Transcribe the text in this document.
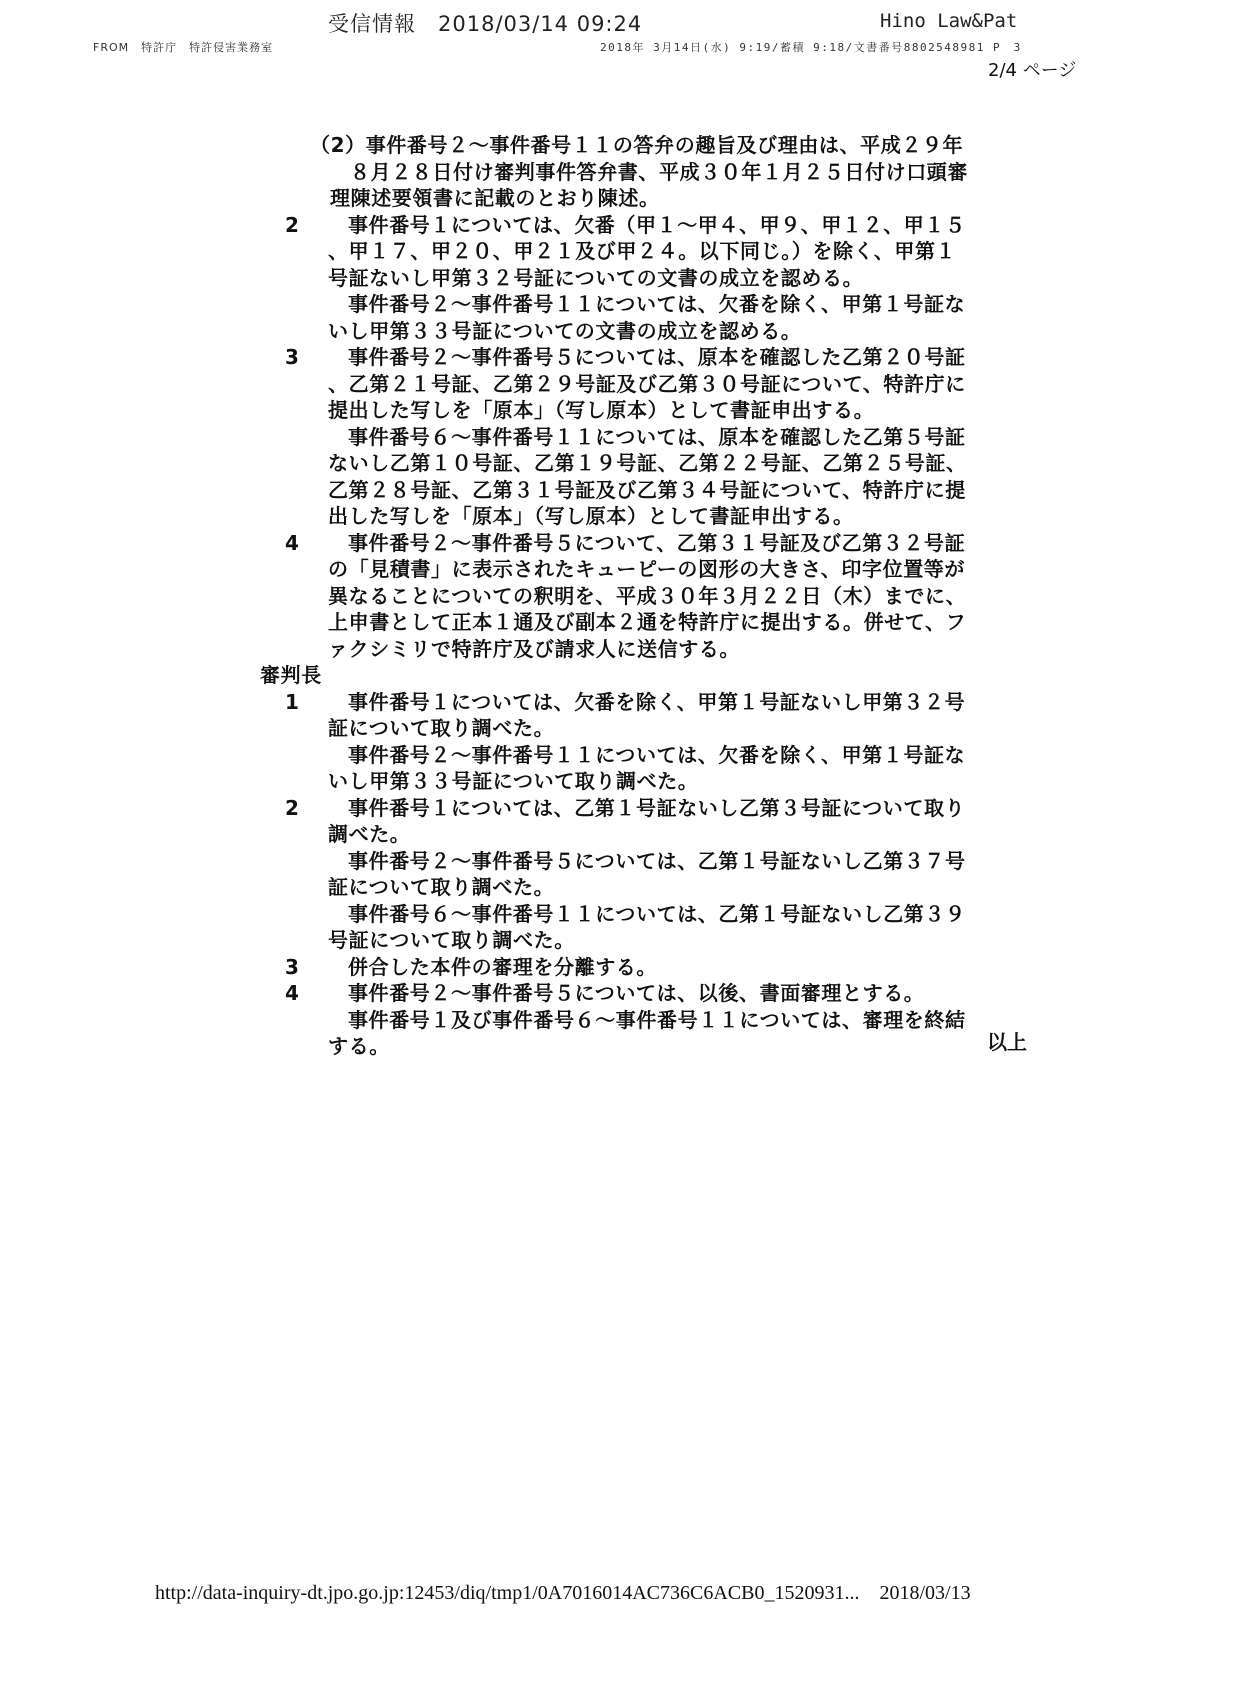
受信情報　2018/03/14 09:24	Hino Law&Pat
FROM　特許庁　特許侵害業務室	2018年 3月14日(水) 9:19/蓄積 9:18/文書番号8802548981 P　3
2/4 ページ
（2）事件番号２～事件番号１１の答弁の趣旨及び理由は、平成２９年
８月２８日付け審判事件答弁書、平成３０年１月２５日付け口頭審
理陳述要領書に記載のとおり陳述。
2	事件番号１については、欠番（甲１～甲４、甲９、甲１２、甲１５
、甲１７、甲２０、甲２１及び甲２４。以下同じ。）を除く、甲第１
号証ないし甲第３２号証についての文書の成立を認める。
事件番号２～事件番号１１については、欠番を除く、甲第１号証な
いし甲第３３号証についての文書の成立を認める。
3	事件番号２～事件番号５については、原本を確認した乙第２０号証
、乙第２１号証、乙第２９号証及び乙第３０号証について、特許庁に
提出した写しを「原本」（写し原本）として書証申出する。
事件番号６～事件番号１１については、原本を確認した乙第５号証
ないし乙第１０号証、乙第１９号証、乙第２２号証、乙第２５号証、
乙第２８号証、乙第３１号証及び乙第３４号証について、特許庁に提
出した写しを「原本」（写し原本）として書証申出する。
4	事件番号２～事件番号５について、乙第３１号証及び乙第３２号証
の「見積書」に表示されたキューピーの図形の大きさ、印字位置等が
異なることについての釈明を、平成３０年３月２２日（木）までに、
上申書として正本１通及び副本２通を特許庁に提出する。併せて、フ
ァクシミリで特許庁及び請求人に送信する。
審判長
1	事件番号１については、欠番を除く、甲第１号証ないし甲第３２号
証について取り調べた。
事件番号２～事件番号１１については、欠番を除く、甲第１号証な
いし甲第３３号証について取り調べた。
2	事件番号１については、乙第１号証ないし乙第３号証について取り
調べた。
事件番号２～事件番号５については、乙第１号証ないし乙第３７号
証について取り調べた。
事件番号６～事件番号１１については、乙第１号証ないし乙第３９
号証について取り調べた。
3	併合した本件の審理を分離する。
4	事件番号２～事件番号５については、以後、書面審理とする。
事件番号１及び事件番号６～事件番号１１については、審理を終結
する。	以上
http://data-inquiry-dt.jpo.go.jp:12453/diq/tmp1/0A7016014AC736C6ACB0_1520931... 2018/03/13
